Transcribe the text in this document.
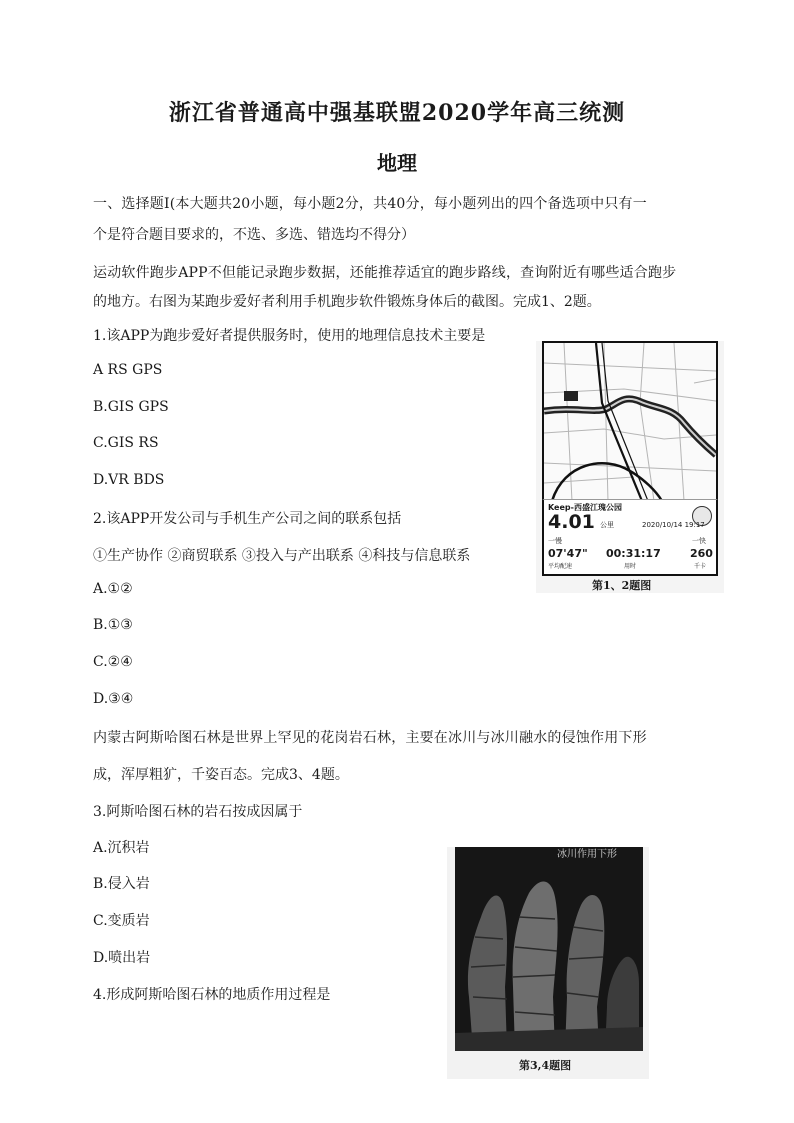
浙江省普通高中强基联盟2020学年高三统测
地理
一、选择题Ⅰ(本大题共20小题，每小题2分，共40分，每小题列出的四个备选项中只有一
个是符合题目要求的，不选、多选、错选均不得分）
运动软件跑步APP不但能记录跑步数据，还能推荐适宜的跑步路线，查询附近有哪些适合跑步
的地方。右图为某跑步爱好者利用手机跑步软件锻炼身体后的截图。完成1、2题。
1.该APP为跑步爱好者提供服务时，使用的地理信息技术主要是
A RS GPS
B.GIS GPS
C.GIS RS
D.VR BDS
2.该APP开发公司与手机生产公司之间的联系包括
①生产协作 ②商贸联系 ③投入与产出联系 ④科技与信息联系
A.①②
B.①③
C.②④
D.③④
内蒙古阿斯哈图石林是世界上罕见的花岗岩石林，主要在冰川与冰川融水的侵蚀作用下形
成，浑厚粗犷，千姿百态。完成3、4题。
3.阿斯哈图石林的岩石按成因属于
A.沉积岩
B.侵入岩
C.变质岩
D.喷出岩
4.形成阿斯哈图石林的地质作用过程是
Keep-西盛江瑰公园
4.01 公里	2020/10/14 19:17
一慢	一快
07'47"
平均配速
00:31:17
用时
260
千卡
第1、2题图
冰川作用下形
第3,4题图
